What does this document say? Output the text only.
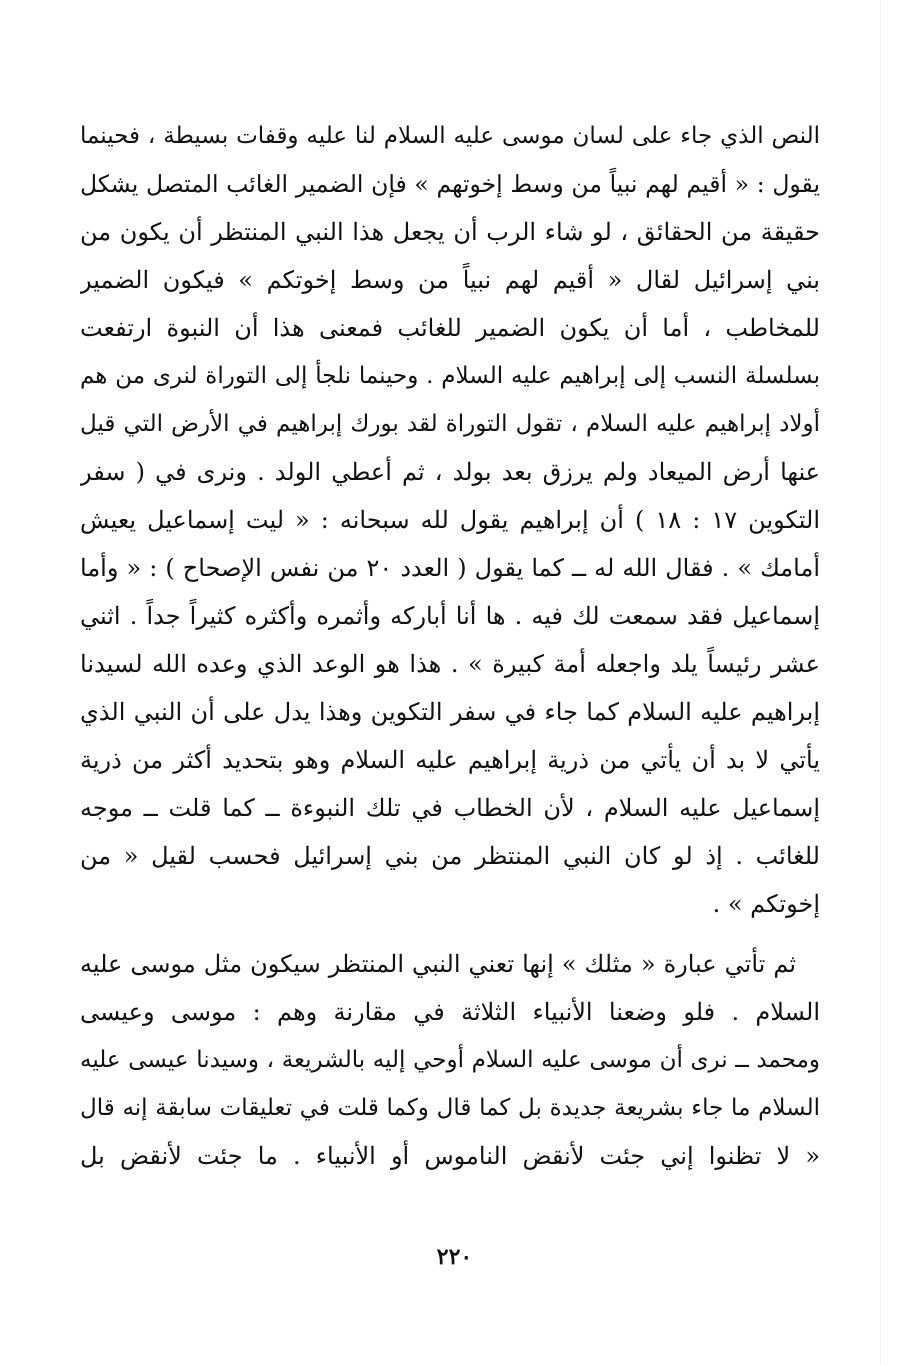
النص الذي جاء على لسان موسى عليه السلام لنا عليه وقفات بسيطة ، فحينما
يقول : « أقيم لهم نبياً من وسط إخوتهم » فإن الضمير الغائب المتصل يشكل
حقيقة من الحقائق ، لو شاء الرب أن يجعل هذا النبي المنتظر أن يكون من
بني إسرائيل لقال « أقيم لهم نبياً من وسط إخوتكم » فيكون الضمير
للمخاطب ، أما أن يكون الضمير للغائب فمعنى هذا أن النبوة ارتفعت
بسلسلة النسب إلى إبراهيم عليه السلام . وحينما نلجأ إلى التوراة لنرى من هم
أولاد إبراهيم عليه السلام ، تقول التوراة لقد بورك إبراهيم في الأرض التي قيل
عنها أرض الميعاد ولم يرزق بعد بولد ، ثم أعطي الولد . ونرى في ( سفر
التكوين ١٧ : ١٨ ) أن إبراهيم يقول لله سبحانه : « ليت إسماعيل يعيش
أمامك » . فقال الله له ــ كما يقول ( العدد ٢٠ من نفس الإصحاح ) : « وأما
إسماعيل فقد سمعت لك فيه . ها أنا أباركه وأثمره وأكثره كثيراً جداً . اثني
عشر رئيساً يلد واجعله أمة كبيرة » . هذا هو الوعد الذي وعده الله لسيدنا
إبراهيم عليه السلام كما جاء في سفر التكوين وهذا يدل على أن النبي الذي
يأتي لا بد أن يأتي من ذرية إبراهيم عليه السلام وهو بتحديد أكثر من ذرية
إسماعيل عليه السلام ، لأن الخطاب في تلك النبوءة ــ كما قلت ــ موجه
للغائب . إذ لو كان النبي المنتظر من بني إسرائيل فحسب لقيل « من
إخوتكم » .
ثم تأتي عبارة « مثلك » إنها تعني النبي المنتظر سيكون مثل موسى عليه
السلام . فلو وضعنا الأنبياء الثلاثة في مقارنة وهم : موسى وعيسى
ومحمد ــ نرى أن موسى عليه السلام أوحي إليه بالشريعة ، وسيدنا عيسى عليه
السلام ما جاء بشريعة جديدة بل كما قال وكما قلت في تعليقات سابقة إنه قال
« لا تظنوا إني جئت لأنقض الناموس أو الأنبياء . ما جئت لأنقض بل
٢٢٠
